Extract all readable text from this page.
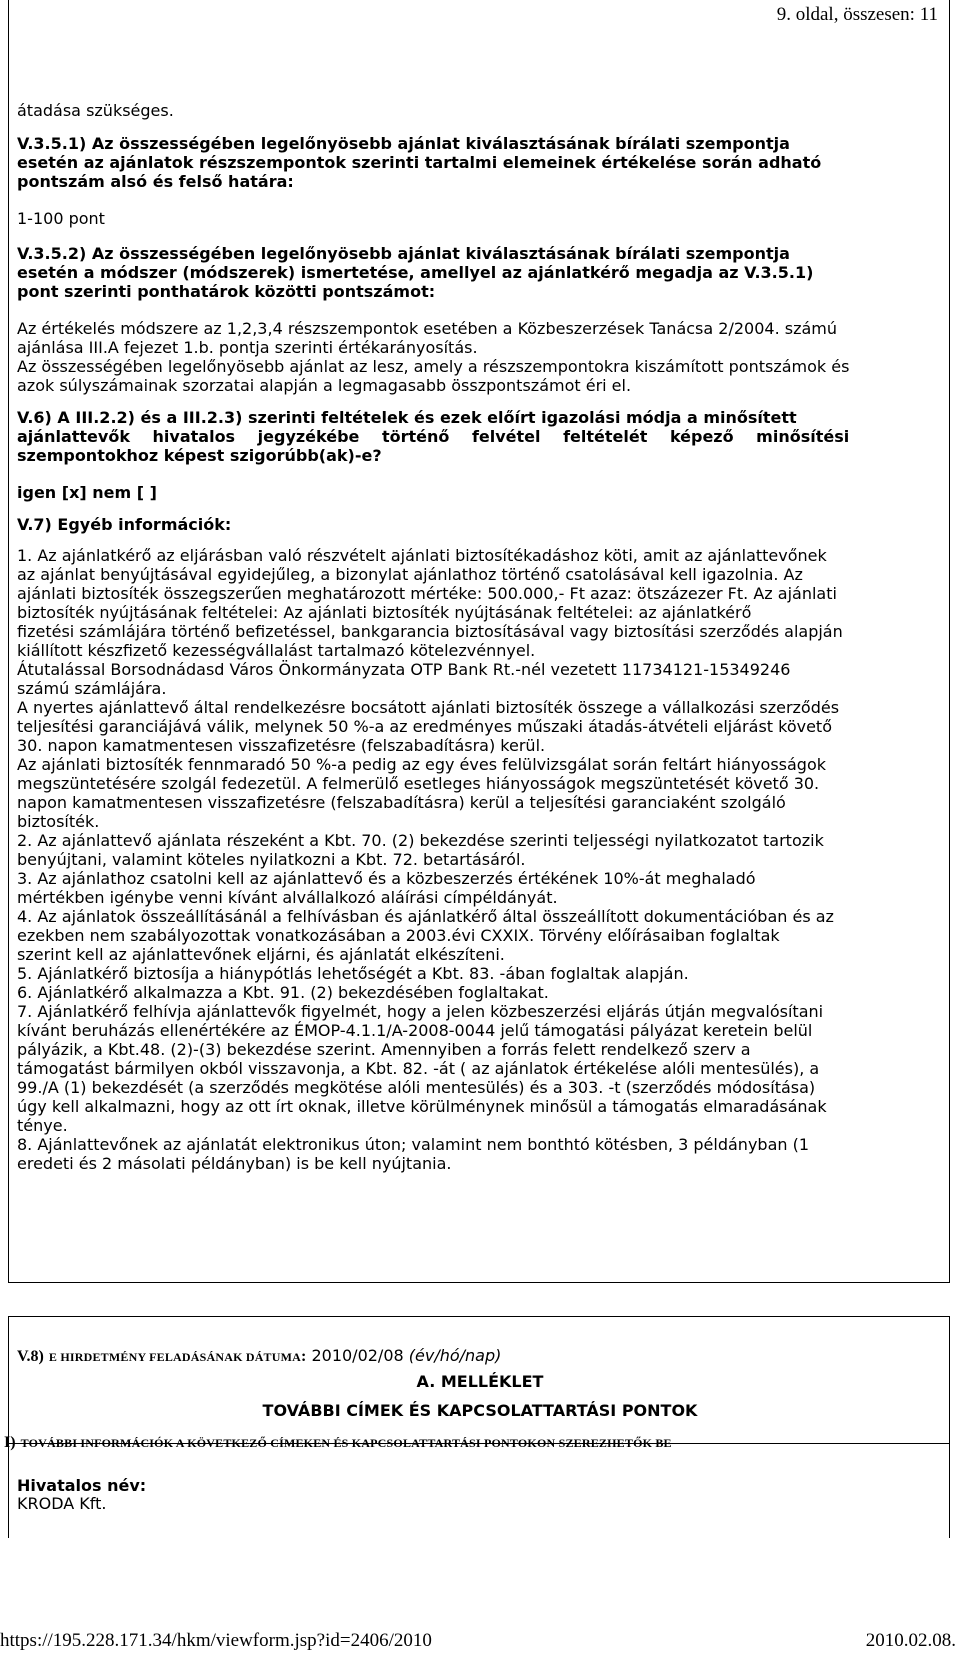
9. oldal, összesen: 11
átadása szükséges.
V.3.5.1) Az összességében legelőnyösebb ajánlat kiválasztásának bírálati szempontja
esetén az ajánlatok részszempontok szerinti tartalmi elemeinek értékelése során adható
pontszám alsó és felső határa:
1-100 pont
V.3.5.2) Az összességében legelőnyösebb ajánlat kiválasztásának bírálati szempontja
esetén a módszer (módszerek) ismertetése, amellyel az ajánlatkérő megadja az V.3.5.1)
pont szerinti ponthatárok közötti pontszámot:
Az értékelés módszere az 1,2,3,4 részszempontok esetében a Közbeszerzések Tanácsa 2/2004. számú
ajánlása III.A fejezet 1.b. pontja szerinti értékarányosítás.
Az összességében legelőnyösebb ajánlat az lesz, amely a részszempontokra kiszámított pontszámok és
azok súlyszámainak szorzatai alapján a legmagasabb összpontszámot éri el.
V.6) A III.2.2) és a III.2.3) szerinti feltételek és ezek előírt igazolási módja a minősített
ajánlattevők hivatalos jegyzékébe történő felvétel feltételét képező minősítési
szempontokhoz képest szigorúbb(ak)-e?
igen [x] nem [ ]
V.7) Egyéb információk:
1. Az ajánlatkérő az eljárásban való részvételt ajánlati biztosítékadáshoz köti, amit az ajánlattevőnek
az ajánlat benyújtásával egyidejűleg, a bizonylat ajánlathoz történő csatolásával kell igazolnia. Az
ajánlati biztosíték összegszerűen meghatározott mértéke: 500.000,- Ft azaz: ötszázezer Ft. Az ajánlati
biztosíték nyújtásának feltételei: Az ajánlati biztosíték nyújtásának feltételei: az ajánlatkérő
fizetési számlájára történő befizetéssel, bankgarancia biztosításával vagy biztosítási szerződés alapján
kiállított készfizető kezességvállalást tartalmazó kötelezvénnyel.
Átutalással Borsodnádasd Város Önkormányzata OTP Bank Rt.-nél vezetett 11734121-15349246
számú számlájára.
A nyertes ajánlattevő által rendelkezésre bocsátott ajánlati biztosíték összege a vállalkozási szerződés
teljesítési garanciájává válik, melynek 50 %-a az eredményes műszaki átadás-átvételi eljárást követő
30. napon kamatmentesen visszafizetésre (felszabadításra) kerül.
Az ajánlati biztosíték fennmaradó 50 %-a pedig az egy éves felülvizsgálat során feltárt hiányosságok
megszüntetésére szolgál fedezetül. A felmerülő esetleges hiányosságok megszüntetését követő 30.
napon kamatmentesen visszafizetésre (felszabadításra) kerül a teljesítési garanciaként szolgáló
biztosíték.
2. Az ajánlattevő ajánlata részeként a Kbt. 70. (2) bekezdése szerinti teljességi nyilatkozatot tartozik
benyújtani, valamint köteles nyilatkozni a Kbt. 72. betartásáról.
3. Az ajánlathoz csatolni kell az ajánlattevő és a közbeszerzés értékének 10%-át meghaladó
mértékben igénybe venni kívánt alvállalkozó aláírási címpéldányát.
4. Az ajánlatok összeállításánál a felhívásban és ajánlatkérő által összeállított dokumentációban és az
ezekben nem szabályozottak vonatkozásában a 2003.évi CXXIX. Törvény előírásaiban foglaltak
szerint kell az ajánlattevőnek eljárni, és ajánlatát elkészíteni.
5. Ajánlatkérő biztosíja a hiánypótlás lehetőségét a Kbt. 83. -ában foglaltak alapján.
6. Ajánlatkérő alkalmazza a Kbt. 91. (2) bekezdésében foglaltakat.
7. Ajánlatkérő felhívja ajánlattevők figyelmét, hogy a jelen közbeszerzési eljárás útján megvalósítani
kívánt beruházás ellenértékére az ÉMOP-4.1.1/A-2008-0044 jelű támogatási pályázat keretein belül
pályázik, a Kbt.48. (2)-(3) bekezdése szerint. Amennyiben a forrás felett rendelkező szerv a
támogatást bármilyen okból visszavonja, a Kbt. 82. -át ( az ajánlatok értékelése alóli mentesülés), a
99./A (1) bekezdését (a szerződés megkötése alóli mentesülés) és a 303. -t (szerződés módosítása)
úgy kell alkalmazni, hogy az ott írt oknak, illetve körülménynek minősül a támogatás elmaradásának
ténye.
8. Ajánlattevőnek az ajánlatát elektronikus úton; valamint nem bonthtó kötésben, 3 példányban (1
eredeti és 2 másolati példányban) is be kell nyújtania.
V.8) E HIRDETMÉNY FELADÁSÁNAK DÁTUMA: 2010/02/08 (év/hó/nap)
A. MELLÉKLET
TOVÁBBI CÍMEK ÉS KAPCSOLATTARTÁSI PONTOK
I) TOVÁBBI INFORMÁCIÓK A KÖVETKEZŐ CÍMEKEN ÉS KAPCSOLATTARTÁSI PONTOKON SZEREZHETŐK BE
Hivatalos név:
KRODA Kft.
https://195.228.171.34/hkm/viewform.jsp?id=2406/2010	2010.02.08.
